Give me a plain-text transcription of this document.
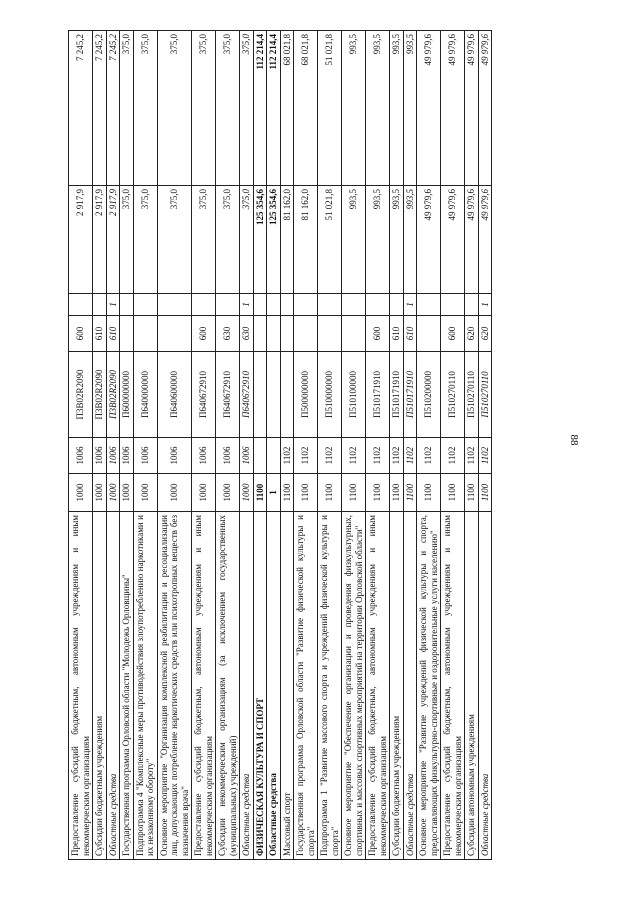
88
Предоставление субсидий бюджетным, автономным учреждениям и иным некоммерческим организациям	1000	1006	П3В02R2090	600		2 917,9	7 245,2
Субсидии бюджетным учреждениям	1000	1006	П3В02R2090	610		2 917,9	7 245,2
Областные средства	1000	1006	П3В02R2090	610	1	2 917,9	7 245,2
Государственная программа Орловской области "Молодежь Орловщины"	1000	1006	П600000000			375,0	375,0
Подпрограмма 4 "Комплексные меры противодействия злоупотреблению наркотиками и их незаконному обороту"	1000	1006	П640000000			375,0	375,0
Основное мероприятие "Организация комплексной реабилитации и ресоциализации лиц, допускающих потребление наркотических средств или психотропных веществ без назначения врача"	1000	1006	П640600000			375,0	375,0
Предоставление субсидий бюджетным, автономным учреждениям и иным некоммерческим организациям	1000	1006	П640672910	600		375,0	375,0
Субсидии некоммерческим организациям (за исключением государственных (муниципальных) учреждений)	1000	1006	П640672910	630		375,0	375,0
Областные средства	1000	1006	П640672910	630	1	375,0	375,0
ФИЗИЧЕСКАЯ КУЛЬТУРА И СПОРТ	1100					125 354,6	112 214,4
Областные средства	1					125 354,6	112 214,4
Массовый спорт	1100	1102				81 162,0	68 021,8
Государственная программа Орловской области "Развитие физической культуры и спорта"	1100	1102	П500000000			81 162,0	68 021,8
Подпрограмма 1 "Развитие массового спорта и учреждений физической культуры и спорта"	1100	1102	П510000000			51 021,8	51 021,8
Основное мероприятие "Обеспечение организации и проведения физкультурных, спортивных и массовых спортивных мероприятий на территории Орловской области"	1100	1102	П510100000			993,5	993,5
Предоставление субсидий бюджетным, автономным учреждениям и иным некоммерческим организациям	1100	1102	П510171910	600		993,5	993,5
Субсидии бюджетным учреждениям	1100	1102	П510171910	610		993,5	993,5
Областные средства	1100	1102	П510171910	610	1	993,5	993,5
Основное мероприятие "Развитие учреждений физической культуры и спорта, предоставляющих физкультурно-спортивные и оздоровительные услуги населению"	1100	1102	П510200000			49 979,6	49 979,6
Предоставление субсидий бюджетным, автономным учреждениям и иным некоммерческим организациям	1100	1102	П510270110	600		49 979,6	49 979,6
Субсидии автономным учреждениям	1100	1102	П510270110	620		49 979,6	49 979,6
Областные средства	1100	1102	П510270110	620	1	49 979,6	49 979,6
